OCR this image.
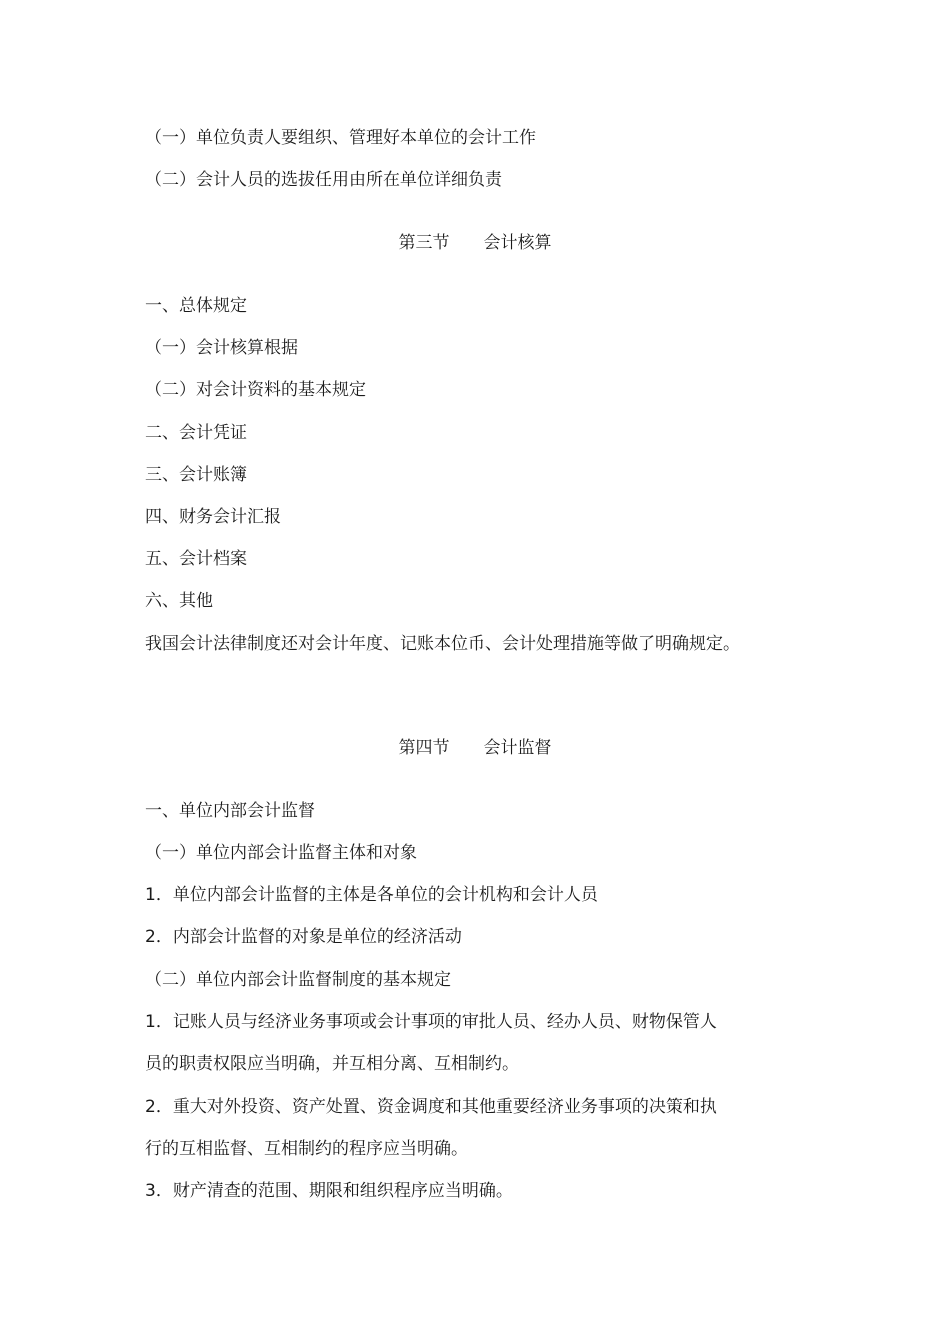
（一）单位负责人要组织、管理好本单位的会计工作
（二）会计人员的选拔任用由所在单位详细负责
第三节　　会计核算
一、总体规定
（一）会计核算根据
（二）对会计资料的基本规定
二、会计凭证
三、会计账簿
四、财务会计汇报
五、会计档案
六、其他
我国会计法律制度还对会计年度、记账本位币、会计处理措施等做了明确规定。
第四节　　会计监督
一、单位内部会计监督
（一）单位内部会计监督主体和对象
1．单位内部会计监督的主体是各单位的会计机构和会计人员
2．内部会计监督的对象是单位的经济活动
（二）单位内部会计监督制度的基本规定
1．记账人员与经济业务事项或会计事项的审批人员、经办人员、财物保管人
员的职责权限应当明确，并互相分离、互相制约。
2．重大对外投资、资产处置、资金调度和其他重要经济业务事项的决策和执
行的互相监督、互相制约的程序应当明确。
3．财产清查的范围、期限和组织程序应当明确。
